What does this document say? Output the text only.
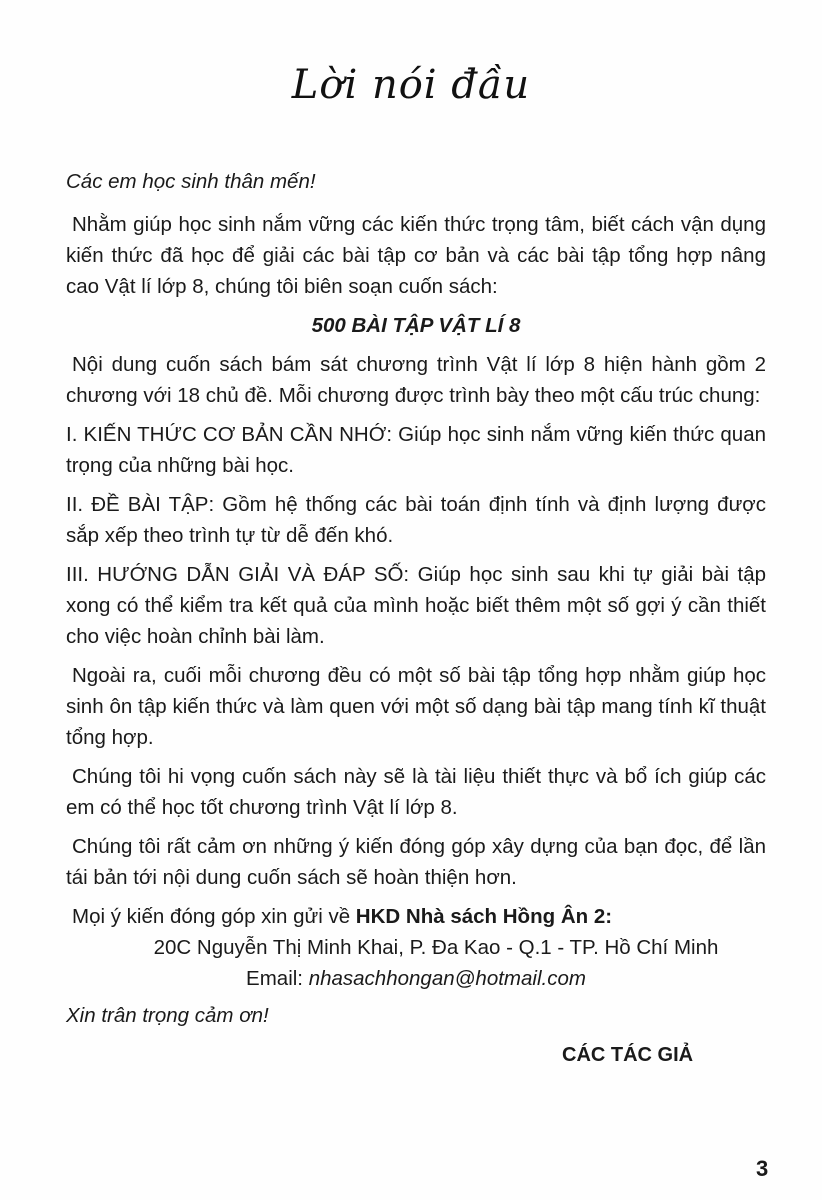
Lời nói đầu

Các em học sinh thân mến!

Nhằm giúp học sinh nắm vững các kiến thức trọng tâm, biết cách vận dụng kiến thức đã học để giải các bài tập cơ bản và các bài tập tổng hợp nâng cao Vật lí lớp 8, chúng tôi biên soạn cuốn sách:

500 BÀI TẬP VẬT LÍ 8

Nội dung cuốn sách bám sát chương trình Vật lí lớp 8 hiện hành gồm 2 chương với 18 chủ đề. Mỗi chương được trình bày theo một cấu trúc chung:

I. KIẾN THỨC CƠ BẢN CẦN NHỚ: Giúp học sinh nắm vững kiến thức quan trọng của những bài học.

II. ĐỀ BÀI TẬP: Gồm hệ thống các bài toán định tính và định lượng được sắp xếp theo trình tự từ dễ đến khó.

III. HƯỚNG DẪN GIẢI VÀ ĐÁP SỐ: Giúp học sinh sau khi tự giải bài tập xong có thể kiểm tra kết quả của mình hoặc biết thêm một số gợi ý cần thiết cho việc hoàn chỉnh bài làm.

Ngoài ra, cuối mỗi chương đều có một số bài tập tổng hợp nhằm giúp học sinh ôn tập kiến thức và làm quen với một số dạng bài tập mang tính kĩ thuật tổng hợp.

Chúng tôi hi vọng cuốn sách này sẽ là tài liệu thiết thực và bổ ích giúp các em có thể học tốt chương trình Vật lí lớp 8.

Chúng tôi rất cảm ơn những ý kiến đóng góp xây dựng của bạn đọc, để lần tái bản tới nội dung cuốn sách sẽ hoàn thiện hơn.

Mọi ý kiến đóng góp xin gửi về HKD Nhà sách Hồng Ân 2:

20C Nguyễn Thị Minh Khai, P. Đa Kao - Q.1 - TP. Hồ Chí Minh

Email: nhasachhongan@hotmail.com

Xin trân trọng cảm ơn!

CÁC TÁC GIẢ
3
